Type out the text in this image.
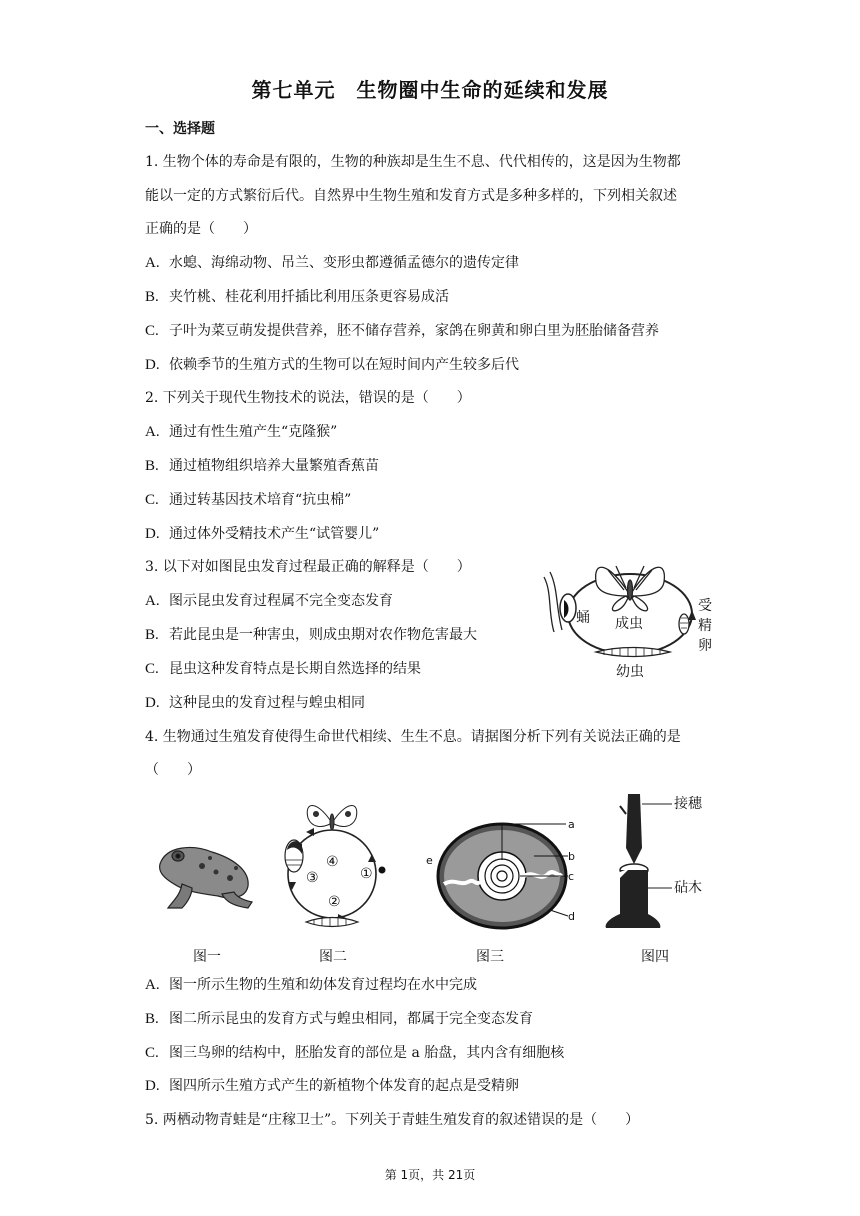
第七单元　生物圈中生命的延续和发展
一、选择题
1. 生物个体的寿命是有限的，生物的种族却是生生不息、代代相传的，这是因为生物都
能以一定的方式繁衍后代。自然界中生物生殖和发育方式是多种多样的，下列相关叙述
正确的是（　　）
A. 水螅、海绵动物、吊兰、变形虫都遵循孟德尔的遗传定律
B. 夹竹桃、桂花利用扦插比利用压条更容易成活
C. 子叶为菜豆萌发提供营养，胚不储存营养，家鸽在卵黄和卵白里为胚胎储备营养
D. 依赖季节的生殖方式的生物可以在短时间内产生较多后代
2. 下列关于现代生物技术的说法，错误的是（　　）
A. 通过有性生殖产生“克隆猴”
B. 通过植物组织培养大量繁殖香蕉苗
C. 通过转基因技术培育“抗虫棉”
D. 通过体外受精技术产生“试管婴儿”
3. 以下对如图昆虫发育过程最正确的解释是（　　）
A. 图示昆虫发育过程属不完全变态发育
B. 若此昆虫是一种害虫，则成虫期对农作物危害最大
C. 昆虫这种发育特点是长期自然选择的结果
D. 这种昆虫的发育过程与蝗虫相同
蛹 成虫
受
精
卵
幼虫
4. 生物通过生殖发育使得生命世代相续、生生不息。请据图分析下列有关说法正确的是
（　　）
④
①
②
③
a
b
c
d
e
接穗
砧木
图一	图二	图三	图四
A. 图一所示生物的生殖和幼体发育过程均在水中完成
B. 图二所示昆虫的发育方式与蝗虫相同，都属于完全变态发育
C. 图三鸟卵的结构中，胚胎发育的部位是 a 胎盘，其内含有细胞核
D. 图四所示生殖方式产生的新植物个体发育的起点是受精卵
5. 两栖动物青蛙是“庄稼卫士”。下列关于青蛙生殖发育的叙述错误的是（　　）
第 1页，共 21页
